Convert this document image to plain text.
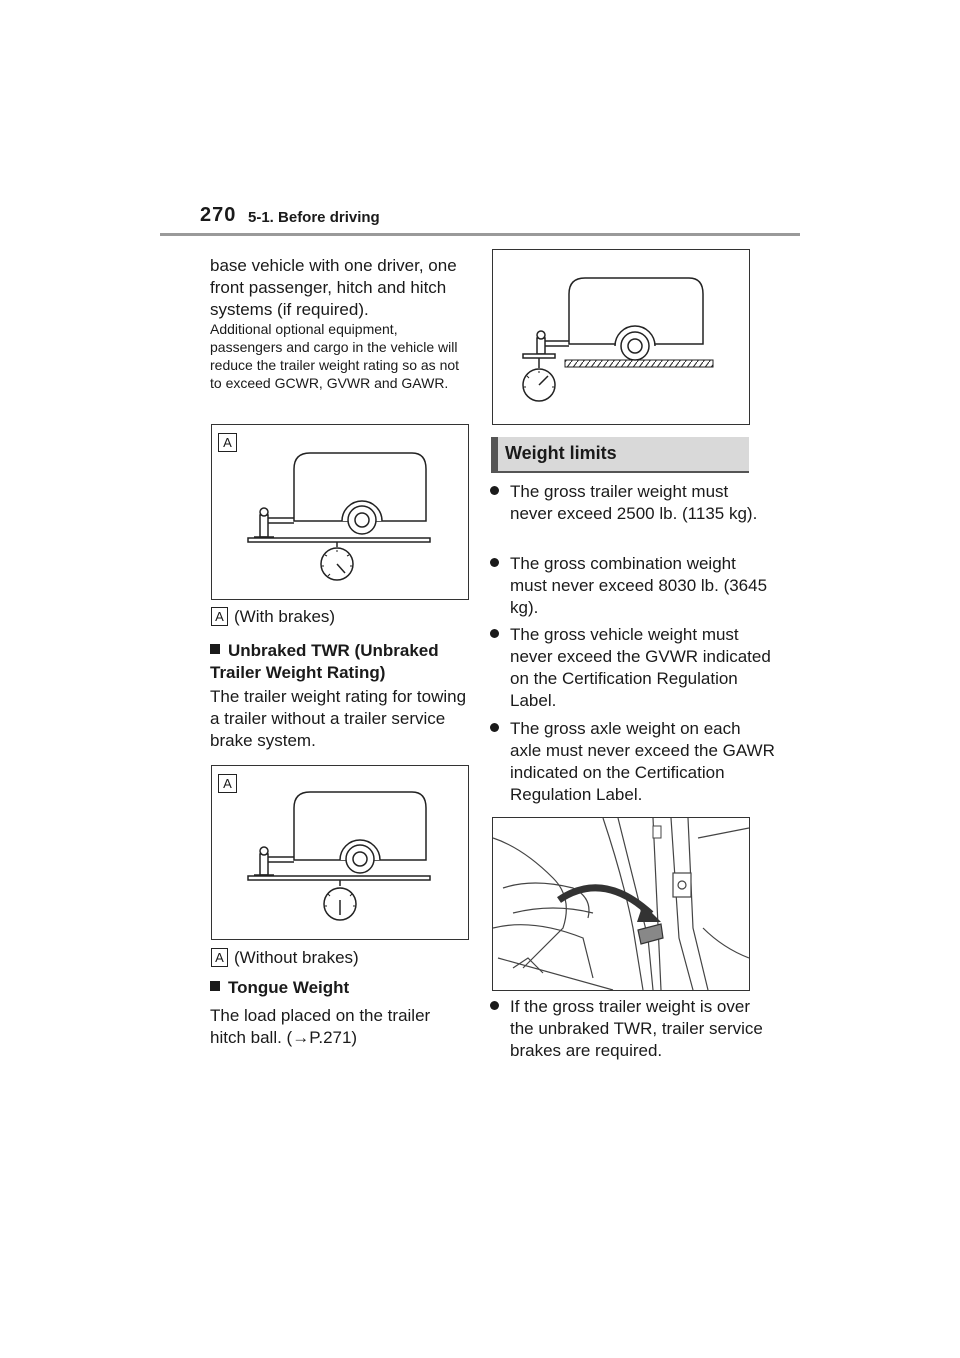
270 5-1. Before driving
base vehicle with one driver, one front passenger, hitch and hitch systems (if required).
Additional optional equipment, passengers and cargo in the vehicle will reduce the trailer weight rating so as not to exceed GCWR, GVWR and GAWR.
A
A (With brakes)
Unbraked TWR (Unbraked Trailer Weight Rating)
The trailer weight rating for towing a trailer without a trailer service brake system.
A
A (Without brakes)
Tongue Weight
The load placed on the trailer hitch ball. (→P.271)
Weight limits
The gross trailer weight must never exceed 2500 lb. (1135 kg).
The gross combination weight must never exceed 8030 lb. (3645 kg).
The gross vehicle weight must never exceed the GVWR indicated on the Certification Regulation Label.
The gross axle weight on each axle must never exceed the GAWR indicated on the Certification Regulation Label.
If the gross trailer weight is over the unbraked TWR, trailer service brakes are required.
